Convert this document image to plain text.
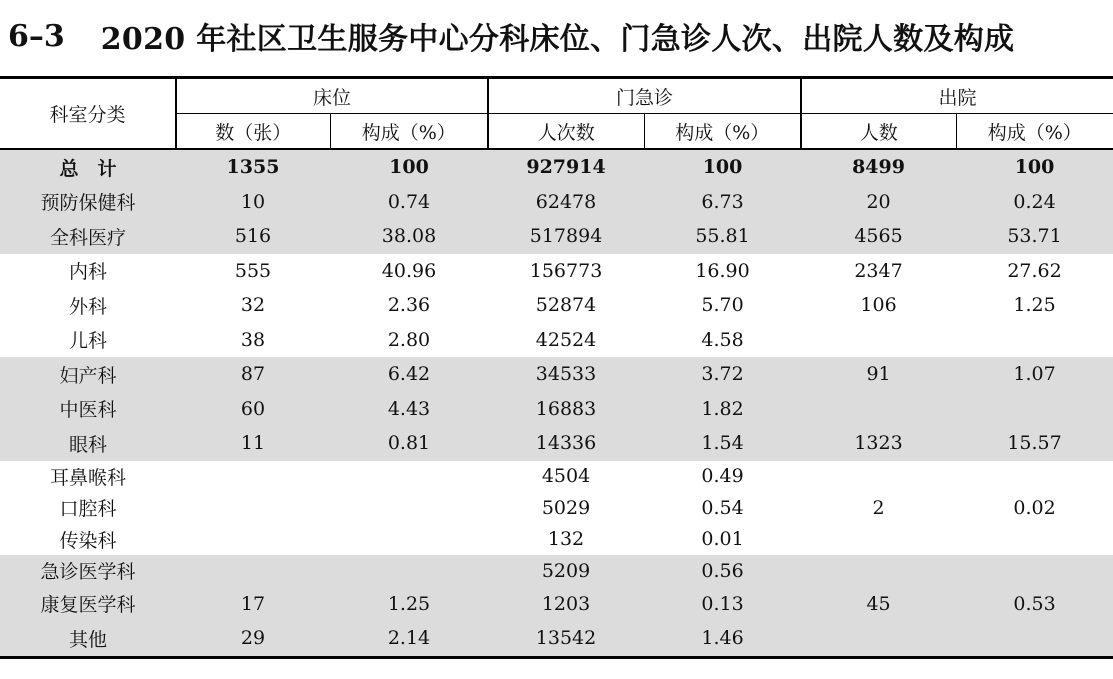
6–3 2020 年社区卫生服务中心分科床位、门急诊人次、出院人数及构成
科室分类	床位		门急诊		出院	
	数（张）	构成（%）	人次数	构成（%）	人数	构成（%）
总　计	1355	100	927914	100	8499	100
预防保健科	10	0.74	62478	6.73	20	0.24
全科医疗	516	38.08	517894	55.81	4565	53.71
内科	555	40.96	156773	16.90	2347	27.62
外科	32	2.36	52874	5.70	106	1.25
儿科	38	2.80	42524	4.58		
妇产科	87	6.42	34533	3.72	91	1.07
中医科	60	4.43	16883	1.82		
眼科	11	0.81	14336	1.54	1323	15.57
耳鼻喉科			4504	0.49		
口腔科			5029	0.54	2	0.02
传染科			132	0.01		
急诊医学科			5209	0.56		
康复医学科	17	1.25	1203	0.13	45	0.53
其他	29	2.14	13542	1.46		
